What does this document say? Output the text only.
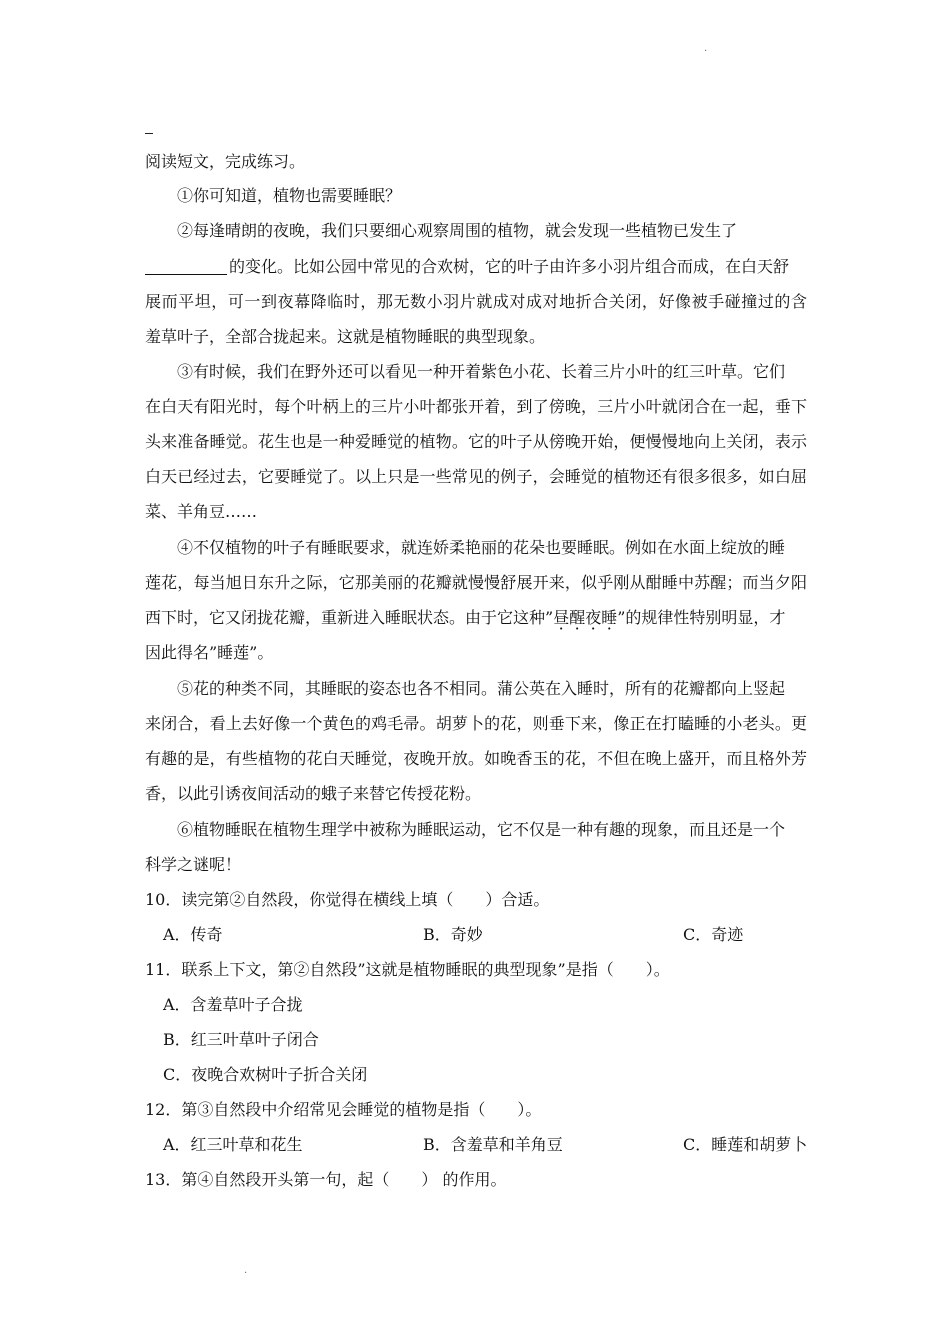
.
阅读短文，完成练习。
①你可知道，植物也需要睡眠？
②每逢晴朗的夜晚，我们只要细心观察周围的植物，就会发现一些植物已发生了
的变化。比如公园中常见的合欢树，它的叶子由许多小羽片组合而成，在白天舒
展而平坦，可一到夜幕降临时，那无数小羽片就成对成对地折合关闭，好像被手碰撞过的含
羞草叶子，全部合拢起来。这就是植物睡眠的典型现象。
③有时候，我们在野外还可以看见一种开着紫色小花、长着三片小叶的红三叶草。它们
在白天有阳光时，每个叶柄上的三片小叶都张开着，到了傍晚，三片小叶就闭合在一起，垂下
头来准备睡觉。花生也是一种爱睡觉的植物。它的叶子从傍晚开始，便慢慢地向上关闭，表示
白天已经过去，它要睡觉了。以上只是一些常见的例子，会睡觉的植物还有很多很多，如白屈
菜、羊角豆……
④不仅植物的叶子有睡眠要求，就连娇柔艳丽的花朵也要睡眠。例如在水面上绽放的睡
莲花，每当旭日东升之际，它那美丽的花瓣就慢慢舒展开来，似乎刚从酣睡中苏醒；而当夕阳
西下时，它又闭拢花瓣，重新进入睡眠状态。由于它这种”昼醒夜睡”的规律性特别明显，才
因此得名”睡莲”。
⑤花的种类不同，其睡眠的姿态也各不相同。蒲公英在入睡时，所有的花瓣都向上竖起
来闭合，看上去好像一个黄色的鸡毛帚。胡萝卜的花，则垂下来，像正在打瞌睡的小老头。更
有趣的是，有些植物的花白天睡觉，夜晚开放。如晚香玉的花，不但在晚上盛开，而且格外芳
香，以此引诱夜间活动的蛾子来替它传授花粉。
⑥植物睡眠在植物生理学中被称为睡眠运动，它不仅是一种有趣的现象，而且还是一个
科学之谜呢！
10．读完第②自然段，你觉得在横线上填（　　）合适。
A．传奇	B．奇妙	C．奇迹
11．联系上下文，第②自然段”这就是植物睡眠的典型现象”是指（　　）。
A．含羞草叶子合拢
B．红三叶草叶子闭合
C．夜晚合欢树叶子折合关闭
12．第③自然段中介绍常见会睡觉的植物是指（　　）。
A．红三叶草和花生	B．含羞草和羊角豆	C．睡莲和胡萝卜
13．第④自然段开头第一句，起（　　） 的作用。
.
